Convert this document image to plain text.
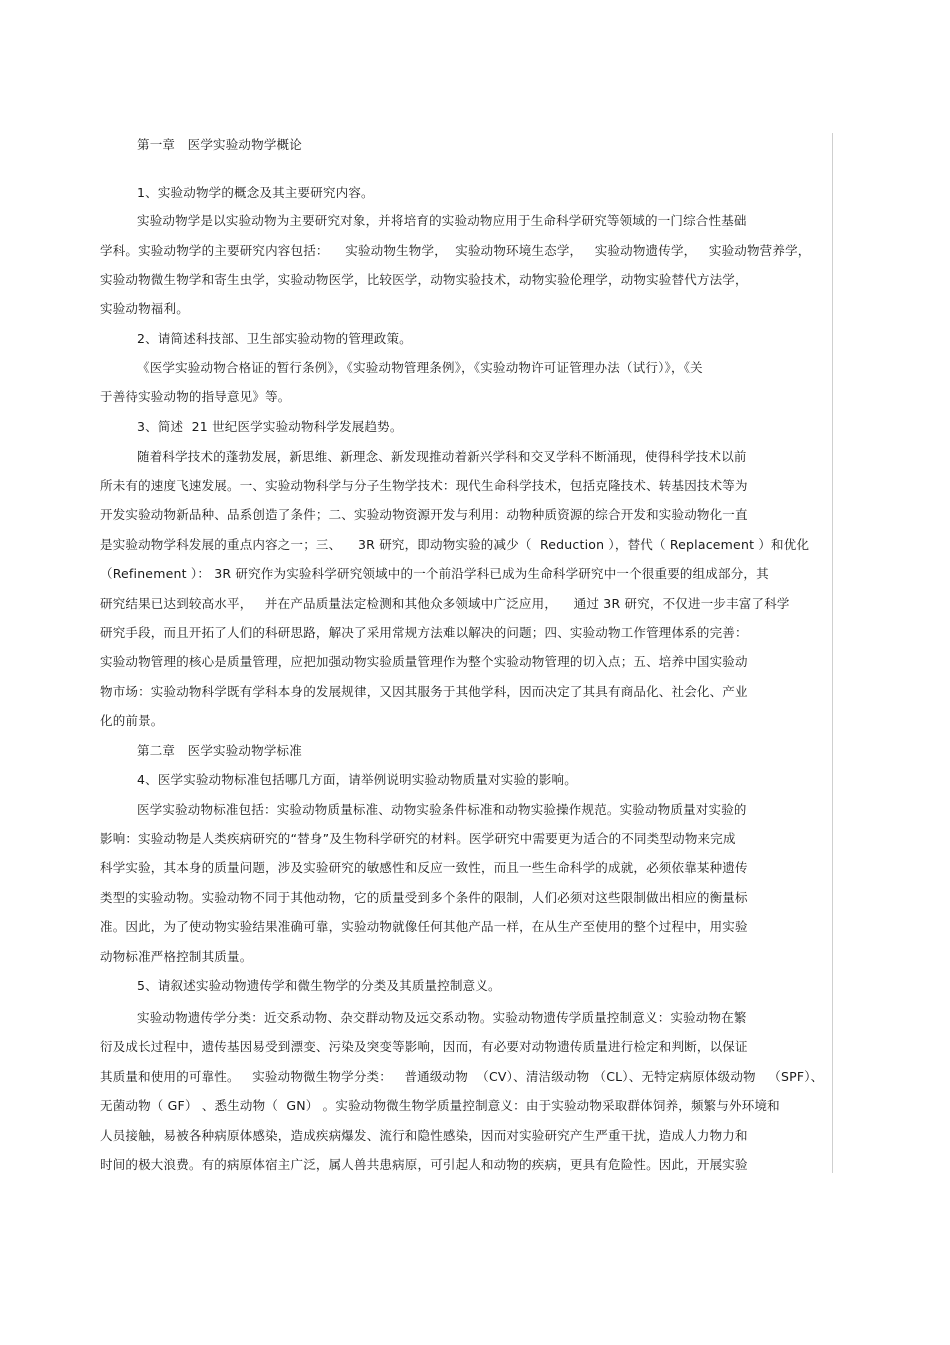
第一章   医学实验动物学概论
1、实验动物学的概念及其主要研究内容。
实验动物学是以实验动物为主要研究对象，并将培育的实验动物应用于生命科学研究等领域的一门综合性基础
学科。实验动物学的主要研究内容包括：    实验动物生物学，  实验动物环境生态学，   实验动物遗传学，   实验动物营养学，
实验动物微生物学和寄生虫学，实验动物医学，比较医学，动物实验技术，动物实验伦理学，动物实验替代方法学，
实验动物福利。
2、请简述科技部、卫生部实验动物的管理政策。
《医学实验动物合格证的暂行条例》，《实验动物管理条例》，《实验动物许可证管理办法（试行）》，《关
于善待实验动物的指导意见》等。
3、简述  21 世纪医学实验动物科学发展趋势。
随着科学技术的蓬勃发展，新思维、新理念、新发现推动着新兴学科和交叉学科不断涌现，使得科学技术以前
所未有的速度飞速发展。一、实验动物科学与分子生物学技术：现代生命科学技术，包括克隆技术、转基因技术等为
开发实验动物新品种、品系创造了条件；二、实验动物资源开发与利用：动物种质资源的综合开发和实验动物化一直
是实验动物学科发展的重点内容之一；三、    3R 研究，即动物实验的减少（  Reduction ），替代（ Replacement ）和优化
（Refinement ）： 3R 研究作为实验科学研究领域中的一个前沿学科已成为生命科学研究中一个很重要的组成部分，其
研究结果已达到较高水平，   并在产品质量法定检测和其他众多领域中广泛应用，    通过 3R 研究，不仅进一步丰富了科学
研究手段，而且开拓了人们的科研思路，解决了采用常规方法难以解决的问题；四、实验动物工作管理体系的完善：
实验动物管理的核心是质量管理，应把加强动物实验质量管理作为整个实验动物管理的切入点；五、培养中国实验动
物市场：实验动物科学既有学科本身的发展规律，又因其服务于其他学科，因而决定了其具有商品化、社会化、产业
化的前景。
第二章   医学实验动物学标准
4、医学实验动物标准包括哪几方面，请举例说明实验动物质量对实验的影响。
医学实验动物标准包括：实验动物质量标准、动物实验条件标准和动物实验操作规范。实验动物质量对实验的
影响：实验动物是人类疾病研究的“替身”及生物科学研究的材料。医学研究中需要更为适合的不同类型动物来完成
科学实验，其本身的质量问题，涉及实验研究的敏感性和反应一致性，而且一些生命科学的成就，必须依靠某种遗传
类型的实验动物。实验动物不同于其他动物，它的质量受到多个条件的限制，人们必须对这些限制做出相应的衡量标
准。因此，为了使动物实验结果准确可靠，实验动物就像任何其他产品一样，在从生产至使用的整个过程中，用实验
动物标准严格控制其质量。
5、请叙述实验动物遗传学和微生物学的分类及其质量控制意义。
实验动物遗传学分类：近交系动物、杂交群动物及远交系动物。实验动物遗传学质量控制意义：实验动物在繁
衍及成长过程中，遗传基因易受到漂变、污染及突变等影响，因而，有必要对动物遗传质量进行检定和判断，以保证
其质量和使用的可靠性。   实验动物微生物学分类：   普通级动物  （CV）、清洁级动物 （CL）、无特定病原体级动物   （SPF）、
无菌动物（ GF） 、悉生动物（  GN） 。实验动物微生物学质量控制意义：由于实验动物采取群体饲养，频繁与外环境和
人员接触，易被各种病原体感染，造成疾病爆发、流行和隐性感染，因而对实验研究产生严重干扰，造成人力物力和
时间的极大浪费。有的病原体宿主广泛，属人兽共患病原，可引起人和动物的疾病，更具有危险性。因此，开展实验
